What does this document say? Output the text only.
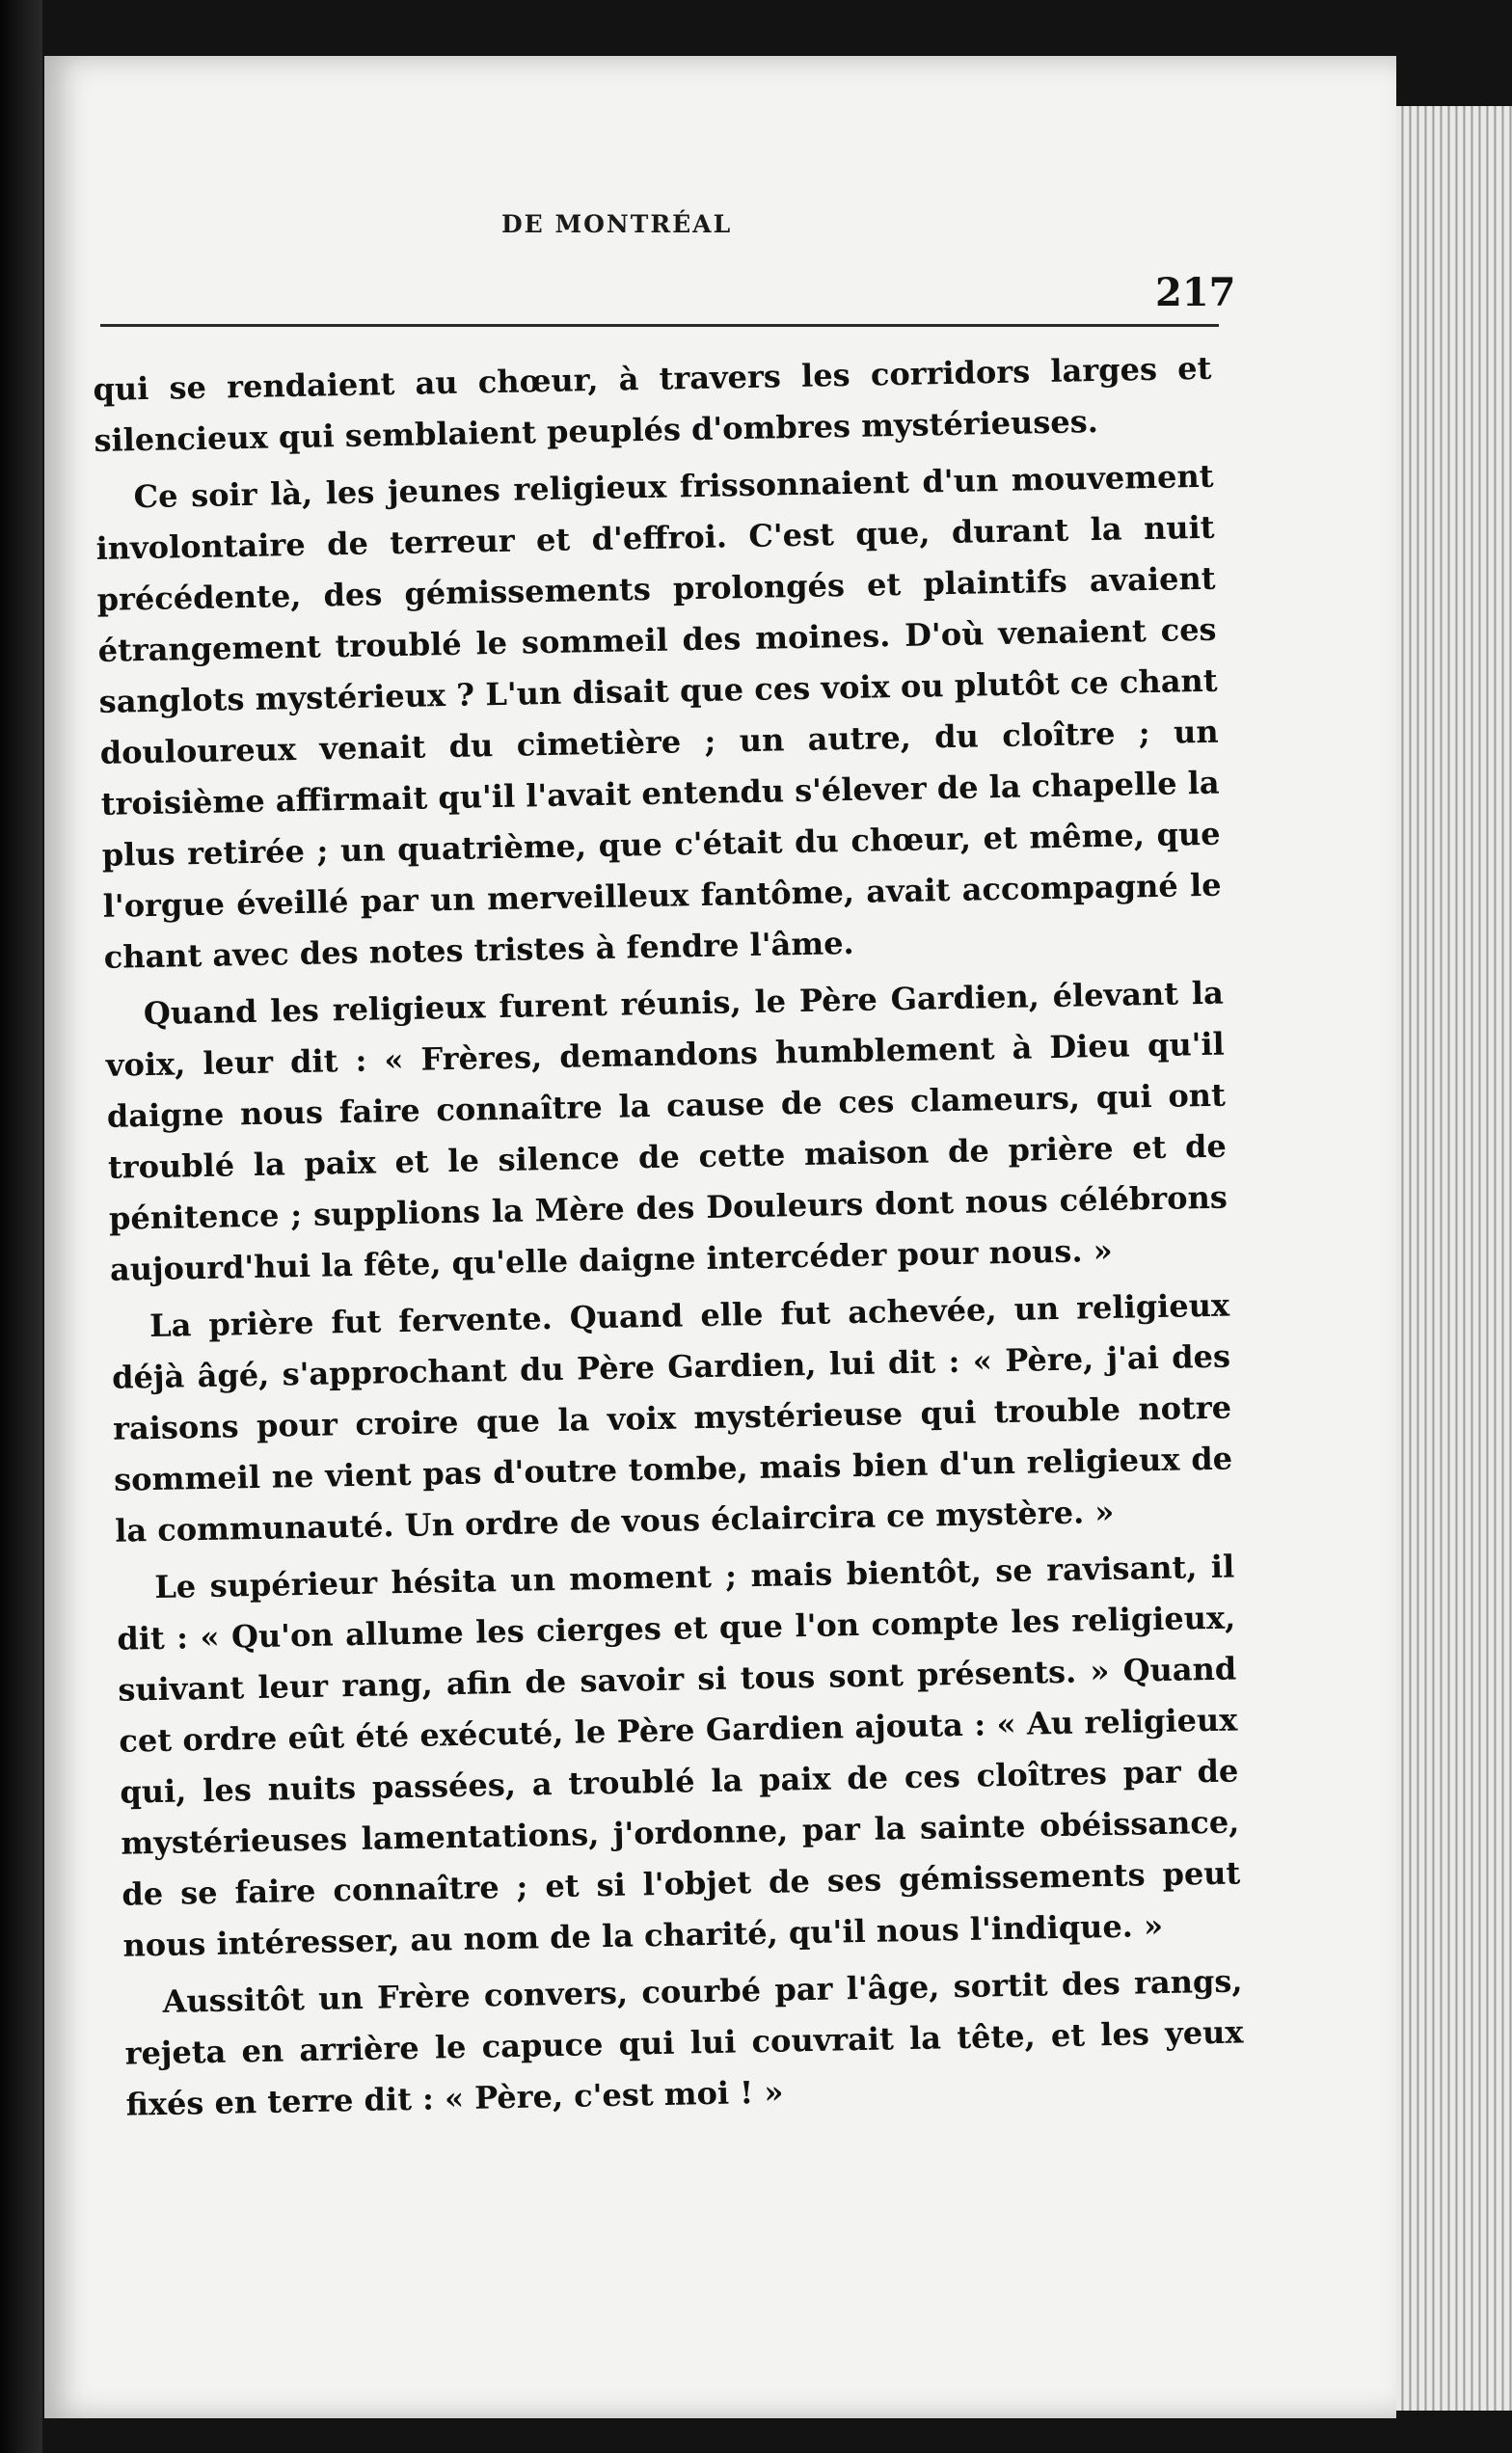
DE MONTRÉAL
217

qui se rendaient au chœur, à travers les corridors larges et silencieux qui semblaient peuplés d'ombres mystérieuses.

Ce soir là, les jeunes religieux frissonnaient d'un mouvement involontaire de terreur et d'effroi. C'est que, durant la nuit précédente, des gémissements prolongés et plaintifs avaient étrangement troublé le sommeil des moines. D'où venaient ces sanglots mystérieux ? L'un disait que ces voix ou plutôt ce chant douloureux venait du cimetière ; un autre, du cloître ; un troisième affirmait qu'il l'avait entendu s'élever de la chapelle la plus retirée ; un quatrième, que c'était du chœur, et même, que l'orgue éveillé par un merveilleux fantôme, avait accompagné le chant avec des notes tristes à fendre l'âme.

Quand les religieux furent réunis, le Père Gardien, élevant la voix, leur dit : « Frères, demandons humblement à Dieu qu'il daigne nous faire connaître la cause de ces clameurs, qui ont troublé la paix et le silence de cette maison de prière et de pénitence ; supplions la Mère des Douleurs dont nous célébrons aujourd'hui la fête, qu'elle daigne intercéder pour nous. »

La prière fut fervente. Quand elle fut achevée, un religieux déjà âgé, s'approchant du Père Gardien, lui dit : « Père, j'ai des raisons pour croire que la voix mystérieuse qui trouble notre sommeil ne vient pas d'outre tombe, mais bien d'un religieux de la communauté. Un ordre de vous éclaircira ce mystère. »

Le supérieur hésita un moment ; mais bientôt, se ravisant, il dit : « Qu'on allume les cierges et que l'on compte les religieux, suivant leur rang, afin de savoir si tous sont présents. » Quand cet ordre eût été exécuté, le Père Gardien ajouta : « Au religieux qui, les nuits passées, a troublé la paix de ces cloîtres par de mystérieuses lamentations, j'ordonne, par la sainte obéissance, de se faire connaître ; et si l'objet de ses gémissements peut nous intéresser, au nom de la charité, qu'il nous l'indique. »

Aussitôt un Frère convers, courbé par l'âge, sortit des rangs, rejeta en arrière le capuce qui lui couvrait la tête, et les yeux fixés en terre dit : « Père, c'est moi ! »
